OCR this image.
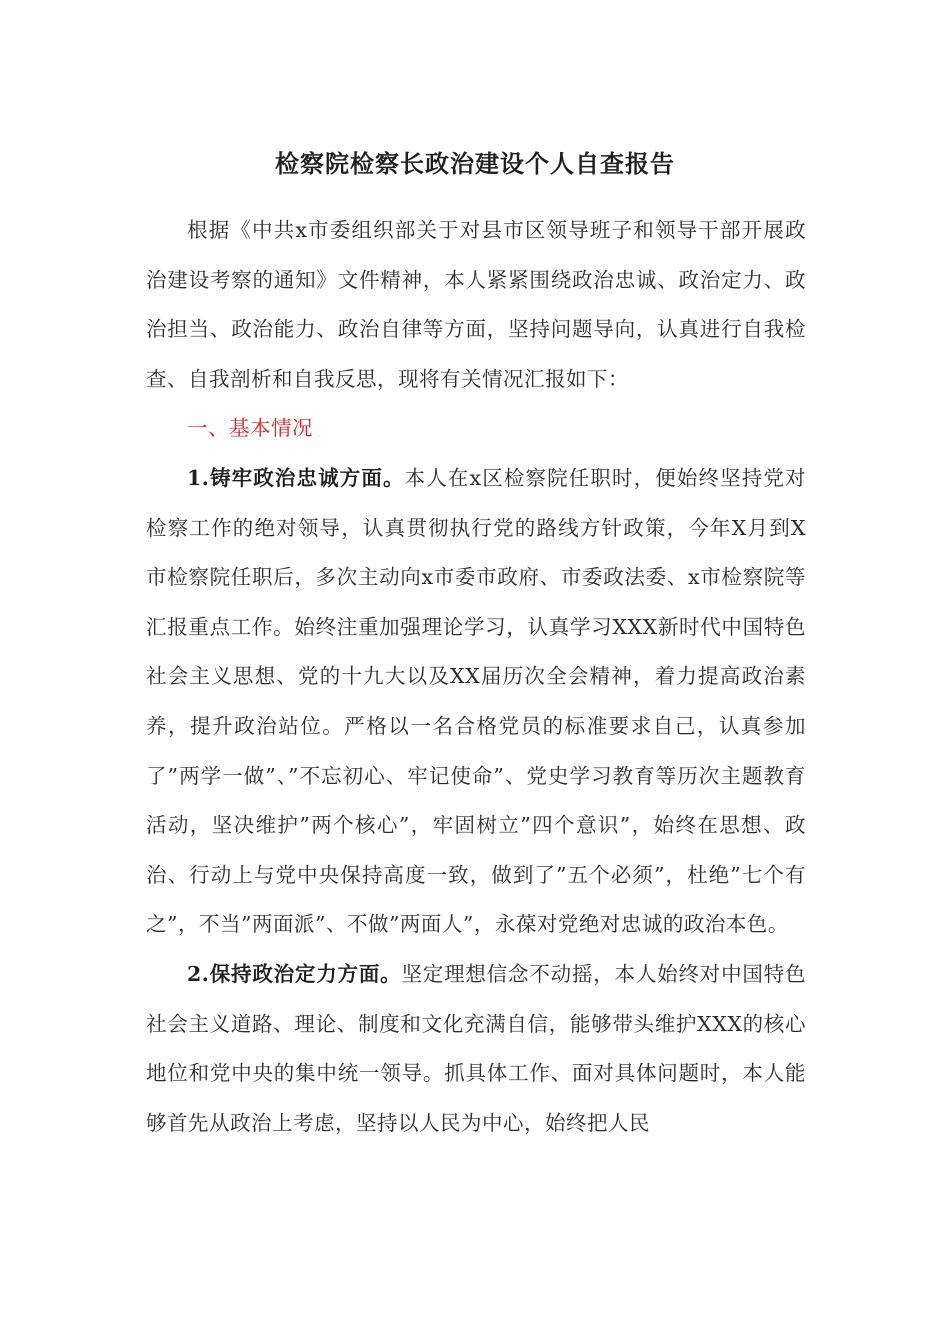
检察院检察长政治建设个人自查报告

根据《中共x市委组织部关于对县市区领导班子和领导干部开展政治建设考察的通知》文件精神，本人紧紧围绕政治忠诚、政治定力、政治担当、政治能力、政治自律等方面，坚持问题导向，认真进行自我检查、自我剖析和自我反思，现将有关情况汇报如下：

一、基本情况

1.铸牢政治忠诚方面。本人在x区检察院任职时，便始终坚持党对检察工作的绝对领导，认真贯彻执行党的路线方针政策，今年X月到X市检察院任职后，多次主动向x市委市政府、市委政法委、x市检察院等汇报重点工作。始终注重加强理论学习，认真学习XXX新时代中国特色社会主义思想、党的十九大以及XX届历次全会精神，着力提高政治素养，提升政治站位。严格以一名合格党员的标准要求自己，认真参加了”两学一做”、”不忘初心、牢记使命”、党史学习教育等历次主题教育活动，坚决维护”两个核心”，牢固树立”四个意识”，始终在思想、政治、行动上与党中央保持高度一致，做到了”五个必须”，杜绝”七个有之”，不当”两面派”、不做”两面人”，永葆对党绝对忠诚的政治本色。

2.保持政治定力方面。坚定理想信念不动摇，本人始终对中国特色社会主义道路、理论、制度和文化充满自信，能够带头维护XXX的核心地位和党中央的集中统一领导。抓具体工作、面对具体问题时，本人能够首先从政治上考虑，坚持以人民为中心，始终把人民
